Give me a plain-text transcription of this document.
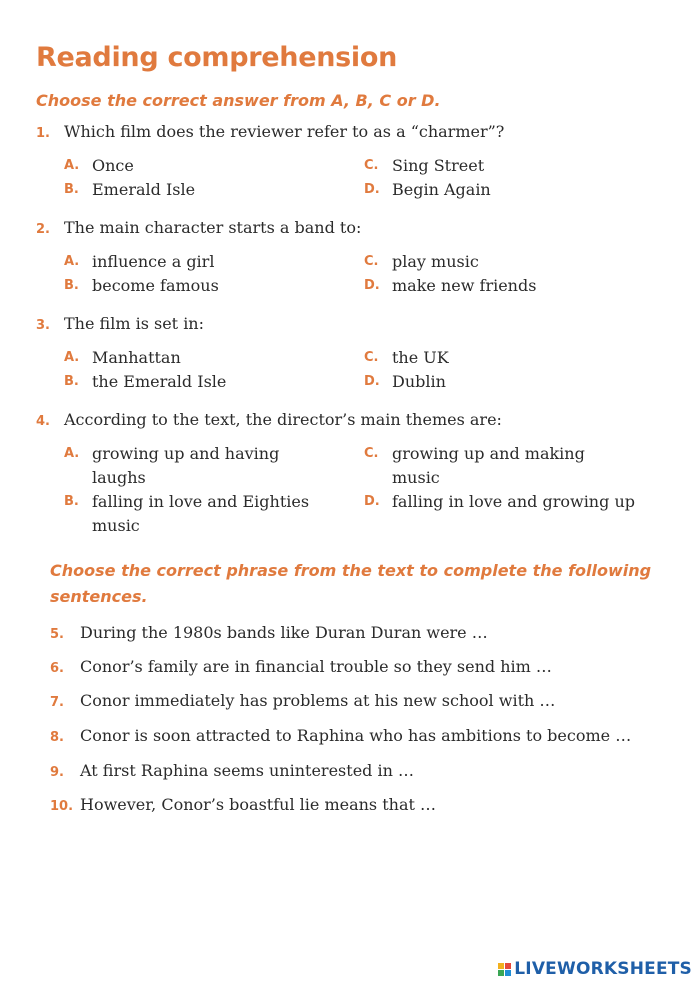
Reading comprehension

Choose the correct answer from A, B, C or D.

1. Which film does the reviewer refer to as a “charmer”?
A. Once
B. Emerald Isle
C. Sing Street
D. Begin Again
2. The main character starts a band to:
A. influence a girl
B. become famous
C. play music
D. make new friends
3. The film is set in:
A. Manhattan
B. the Emerald Isle
C. the UK
D. Dublin
4. According to the text, the director’s main themes are:
A. growing up and having laughs
B. falling in love and Eighties music
C. growing up and making music
D. falling in love and growing up

Choose the correct phrase from the text to complete the following sentences.

5. During the 1980s bands like Duran Duran were …
6. Conor’s family are in financial trouble so they send him …
7. Conor immediately has problems at his new school with …
8. Conor is soon attracted to Raphina who has ambitions to become …
9. At first Raphina seems uninterested in …
10. However, Conor’s boastful lie means that …
LIVEWORKSHEETS
